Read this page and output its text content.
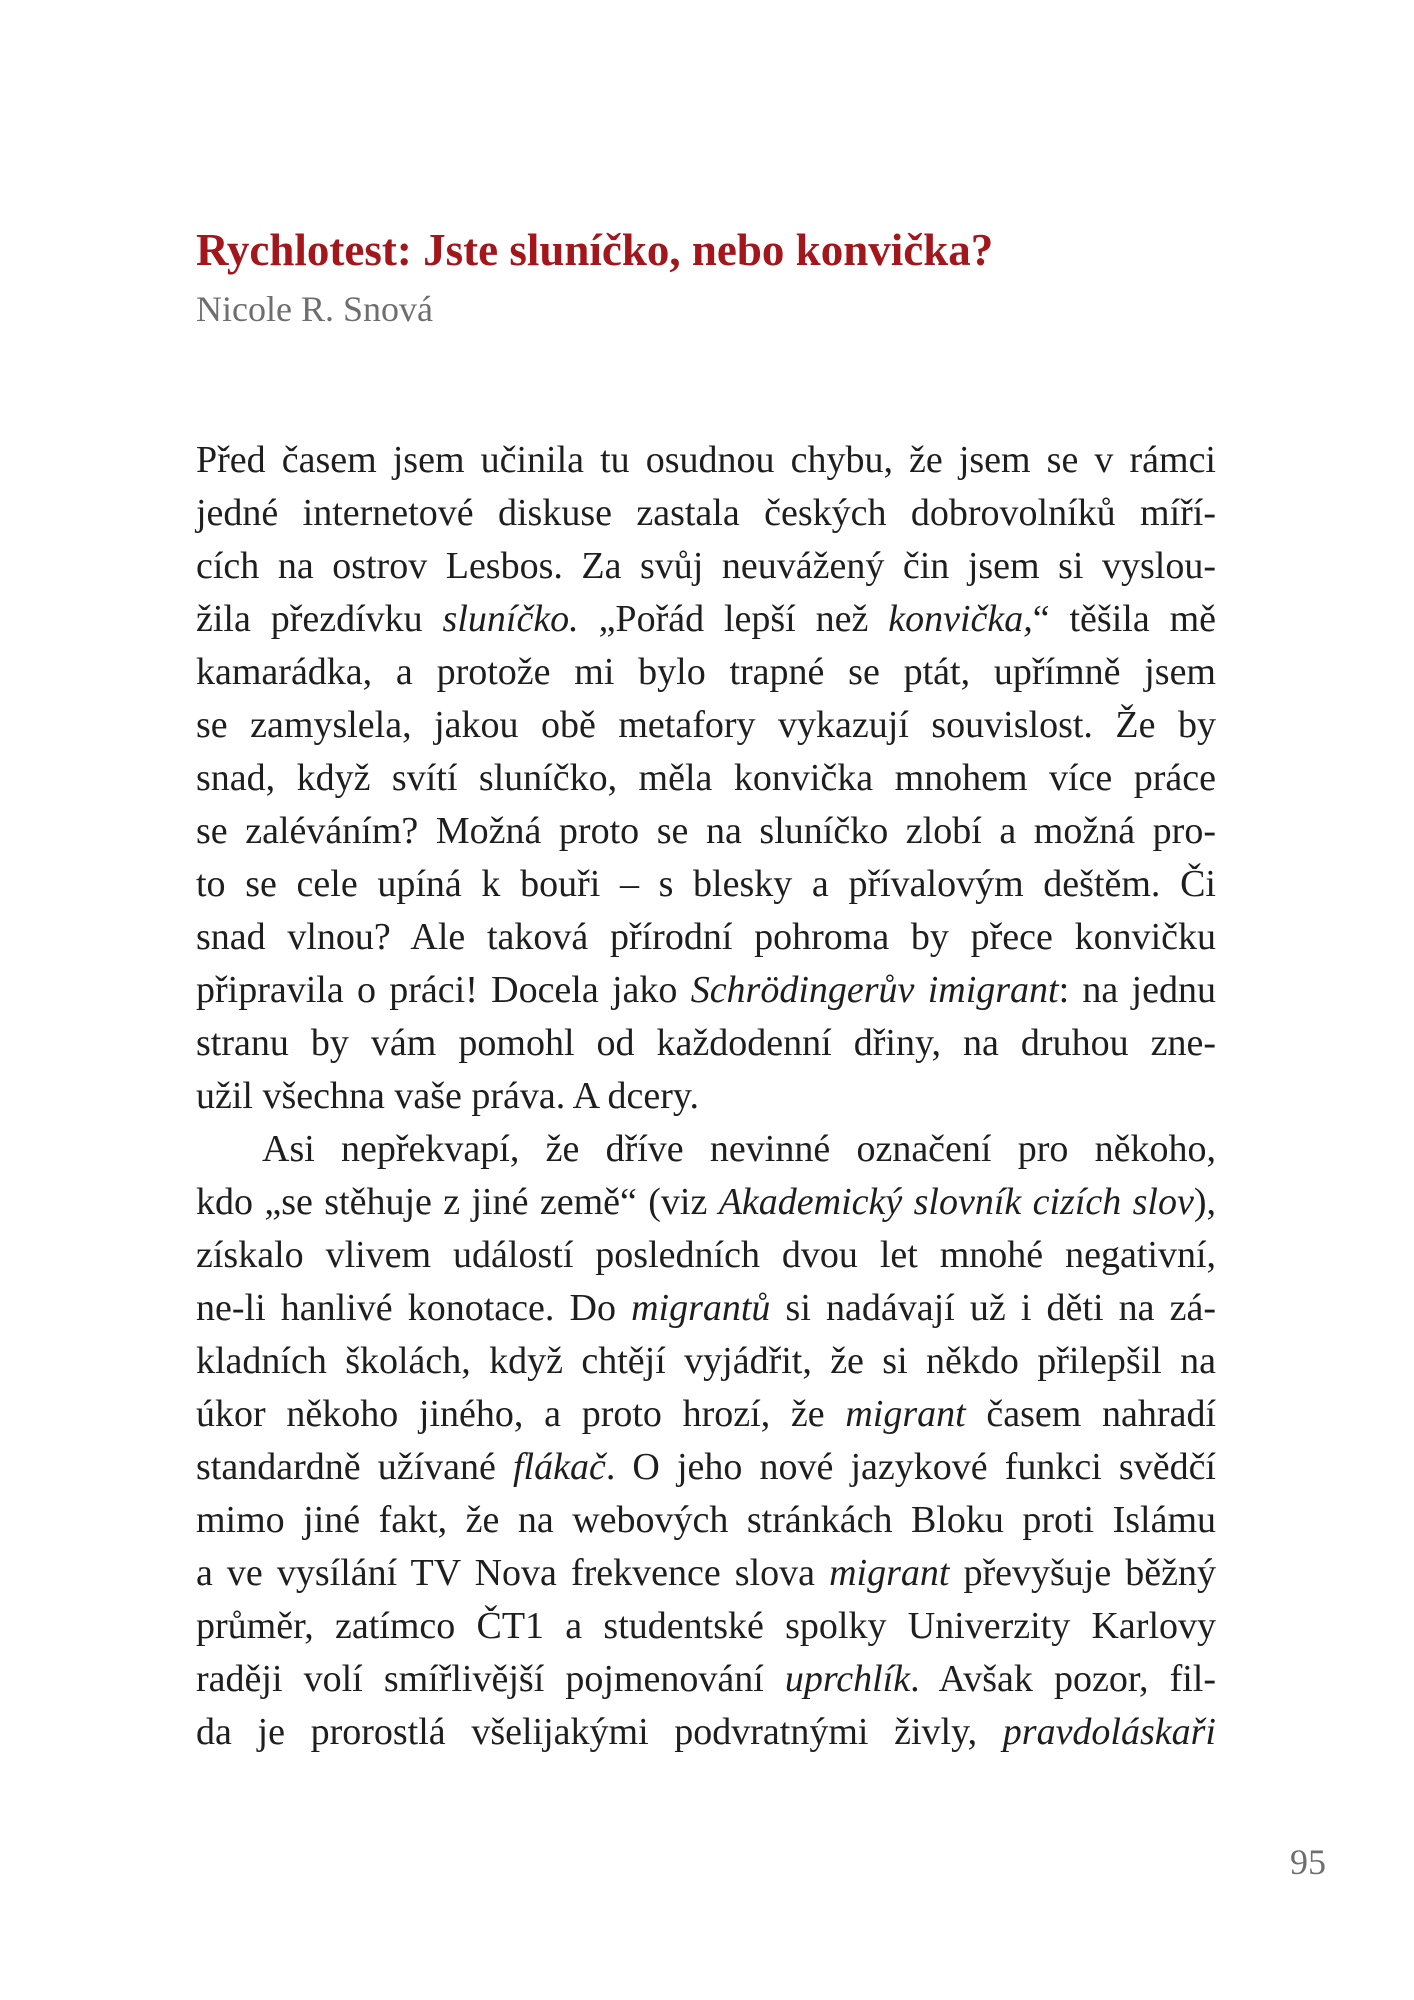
Rychlotest: Jste sluníčko, nebo konvička?

Nicole R. Snová

Před časem jsem učinila tu osudnou chybu, že jsem se v rámci
jedné internetové diskuse zastala českých dobrovolníků míří-
cích na ostrov Lesbos. Za svůj neuvážený čin jsem si vyslou-
žila přezdívku sluníčko. „Pořád lepší než konvička,“ těšila mě
kamarádka, a protože mi bylo trapné se ptát, upřímně jsem
se zamyslela, jakou obě metafory vykazují souvislost. Že by
snad, když svítí sluníčko, měla konvička mnohem více práce
se zaléváním? Možná proto se na sluníčko zlobí a možná pro-
to se cele upíná k bouři – s blesky a přívalovým deštěm. Či
snad vlnou? Ale taková přírodní pohroma by přece konvičku
připravila o práci! Docela jako Schrödingerův imigrant: na jednu
stranu by vám pomohl od každodenní dřiny, na druhou zne-
užil všechna vaše práva. A dcery.
Asi nepřekvapí, že dříve nevinné označení pro někoho,
kdo „se stěhuje z jiné země“ (viz Akademický slovník cizích slov),
získalo vlivem událostí posledních dvou let mnohé negativní,
ne-li hanlivé konotace. Do migrantů si nadávají už i děti na zá-
kladních školách, když chtějí vyjádřit, že si někdo přilepšil na
úkor někoho jiného, a proto hrozí, že migrant časem nahradí
standardně užívané flákač. O jeho nové jazykové funkci svědčí
mimo jiné fakt, že na webových stránkách Bloku proti Islámu
a ve vysílání TV Nova frekvence slova migrant převyšuje běžný
průměr, zatímco ČT1 a studentské spolky Univerzity Karlovy
raději volí smířlivější pojmenování uprchlík. Avšak pozor, fil-
da je prorostlá všelijakými podvratnými živly, pravdoláskaři
95
